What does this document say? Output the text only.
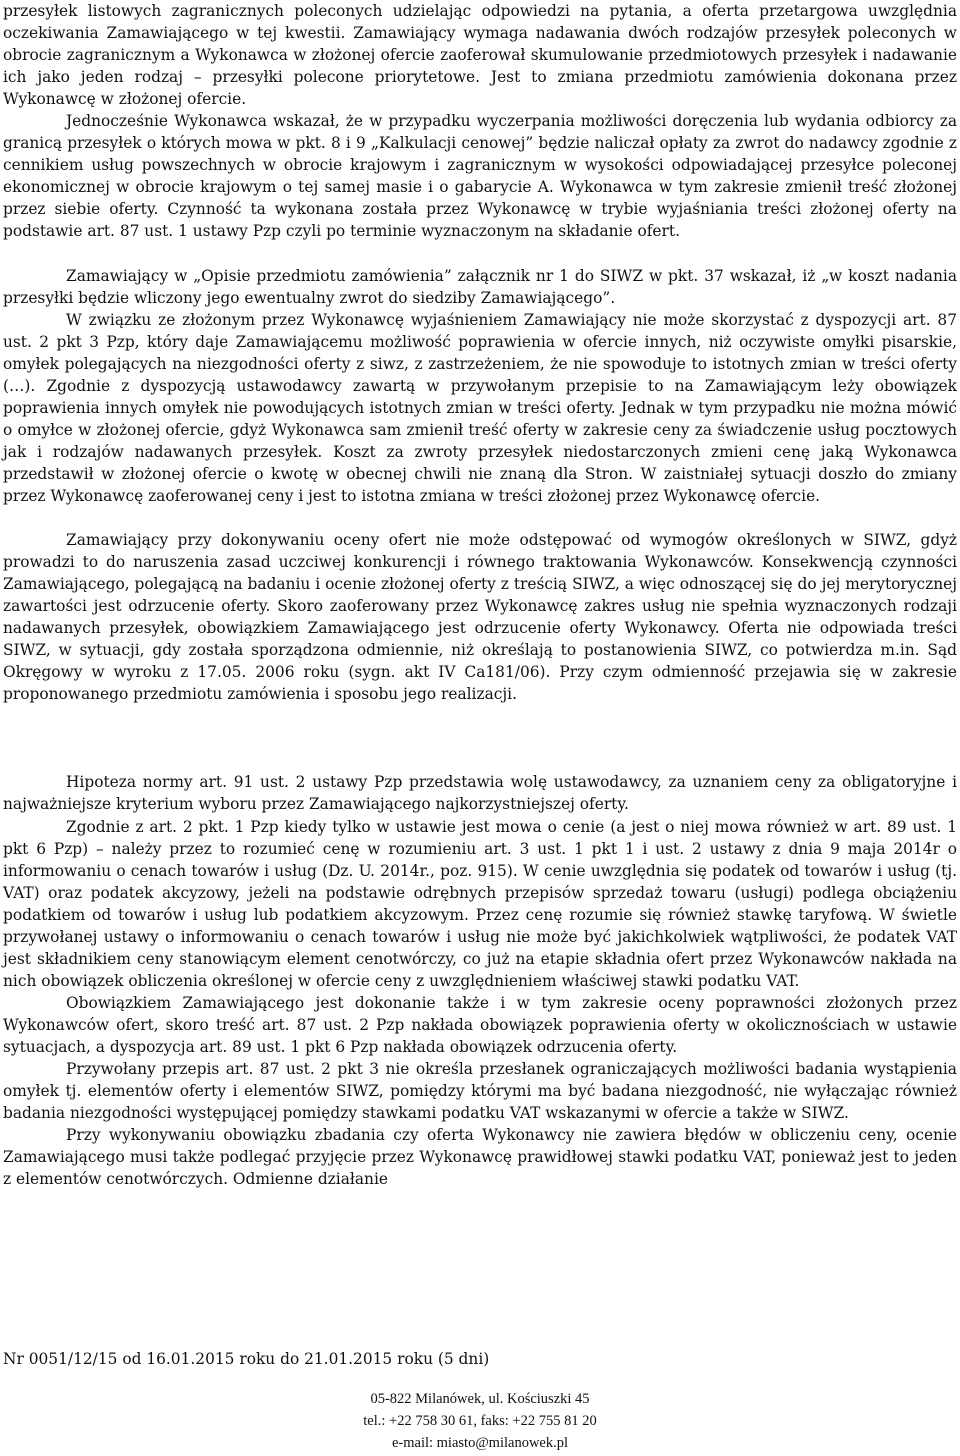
przesyłek listowych zagranicznych poleconych udzielając odpowiedzi na pytania, a oferta przetargowa uwzględnia oczekiwania Zamawiającego w tej kwestii. Zamawiający wymaga nadawania dwóch rodzajów przesyłek poleconych w obrocie zagranicznym a Wykonawca w złożonej ofercie zaoferował skumulowanie przedmiotowych przesyłek i nadawanie ich jako jeden rodzaj – przesyłki polecone priorytetowe. Jest to zmiana przedmiotu zamówienia dokonana przez Wykonawcę w złożonej ofercie.

Jednocześnie Wykonawca wskazał, że w przypadku wyczerpania możliwości doręczenia lub wydania odbiorcy za granicą przesyłek o których mowa w pkt. 8 i 9 „Kalkulacji cenowej” będzie naliczał opłaty za zwrot do nadawcy zgodnie z cennikiem usług powszechnych w obrocie krajowym i zagranicznym w wysokości odpowiadającej przesyłce poleconej ekonomicznej w obrocie krajowym o tej samej masie i o gabarycie A. Wykonawca w tym zakresie zmienił treść złożonej przez siebie oferty. Czynność ta wykonana została przez Wykonawcę w trybie wyjaśniania treści złożonej oferty na podstawie art. 87 ust. 1 ustawy Pzp czyli po terminie wyznaczonym na składanie ofert.

Zamawiający w „Opisie przedmiotu zamówienia” załącznik nr 1 do SIWZ w pkt. 37 wskazał, iż „w koszt nadania przesyłki będzie wliczony jego ewentualny zwrot do siedziby Zamawiającego”.

W związku ze złożonym przez Wykonawcę wyjaśnieniem Zamawiający nie może skorzystać z dyspozycji art. 87 ust. 2 pkt 3 Pzp, który daje Zamawiającemu możliwość poprawienia w ofercie innych, niż oczywiste omyłki pisarskie, omyłek polegających na niezgodności oferty z siwz, z zastrzeżeniem, że nie spowoduje to istotnych zmian w treści oferty (…). Zgodnie z dyspozycją ustawodawcy zawartą w przywołanym przepisie to na Zamawiającym leży obowiązek poprawienia innych omyłek nie powodujących istotnych zmian w treści oferty. Jednak w tym przypadku nie można mówić o omyłce w złożonej ofercie, gdyż Wykonawca sam zmienił treść oferty w zakresie ceny za świadczenie usług pocztowych jak i rodzajów nadawanych przesyłek. Koszt za zwroty przesyłek niedostarczonych zmieni cenę jaką Wykonawca przedstawił w złożonej ofercie o kwotę w obecnej chwili nie znaną dla Stron. W zaistniałej sytuacji doszło do zmiany przez Wykonawcę zaoferowanej ceny i jest to istotna zmiana w treści złożonej przez Wykonawcę ofercie.

Zamawiający przy dokonywaniu oceny ofert nie może odstępować od wymogów określonych w SIWZ, gdyż prowadzi to do naruszenia zasad uczciwej konkurencji i równego traktowania Wykonawców. Konsekwencją czynności Zamawiającego, polegającą na badaniu i ocenie złożonej oferty z treścią SIWZ, a więc odnoszącej się do jej merytorycznej zawartości jest odrzucenie oferty. Skoro zaoferowany przez Wykonawcę zakres usług nie spełnia wyznaczonych rodzaji nadawanych przesyłek, obowiązkiem Zamawiającego jest odrzucenie oferty Wykonawcy. Oferta nie odpowiada treści SIWZ, w sytuacji, gdy została sporządzona odmiennie, niż określają to postanowienia SIWZ, co potwierdza m.in. Sąd Okręgowy w wyroku z 17.05. 2006 roku (sygn. akt IV Ca181/06). Przy czym odmienność przejawia się w zakresie proponowanego przedmiotu zamówienia i sposobu jego realizacji.

Hipoteza normy art. 91 ust. 2 ustawy Pzp przedstawia wolę ustawodawcy, za uznaniem ceny za obligatoryjne i najważniejsze kryterium wyboru przez Zamawiającego najkorzystniejszej oferty.

Zgodnie z art. 2 pkt. 1 Pzp kiedy tylko w ustawie jest mowa o cenie (a jest o niej mowa również w art. 89 ust. 1 pkt 6 Pzp) – należy przez to rozumieć cenę w rozumieniu art. 3 ust. 1 pkt 1 i ust. 2 ustawy z dnia 9 maja 2014r o informowaniu o cenach towarów i usług (Dz. U. 2014r., poz. 915). W cenie uwzględnia się podatek od towarów i usług (tj. VAT) oraz podatek akcyzowy, jeżeli na podstawie odrębnych przepisów sprzedaż towaru (usługi) podlega obciążeniu podatkiem od towarów i usług lub podatkiem akcyzowym. Przez cenę rozumie się również stawkę taryfową. W świetle przywołanej ustawy o informowaniu o cenach towarów i usług nie może być jakichkolwiek wątpliwości, że podatek VAT jest składnikiem ceny stanowiącym element cenotwórczy, co już na etapie składnia ofert przez Wykonawców nakłada na nich obowiązek obliczenia określonej w ofercie ceny z uwzględnieniem właściwej stawki podatku VAT.

Obowiązkiem Zamawiającego jest dokonanie także i w tym zakresie oceny poprawności złożonych przez Wykonawców ofert, skoro treść art. 87 ust. 2 Pzp nakłada obowiązek poprawienia oferty w okolicznościach w ustawie sytuacjach, a dyspozycja art. 89 ust. 1 pkt 6 Pzp nakłada obowiązek odrzucenia oferty.

Przywołany przepis art. 87 ust. 2 pkt 3 nie określa przesłanek ograniczających możliwości badania wystąpienia omyłek tj. elementów oferty i elementów SIWZ, pomiędzy którymi ma być badana niezgodność, nie wyłączając również badania niezgodności występującej pomiędzy stawkami podatku VAT wskazanymi w ofercie a także w SIWZ.

Przy wykonywaniu obowiązku zbadania czy oferta Wykonawcy nie zawiera błędów w obliczeniu ceny, ocenie Zamawiającego musi także podlegać przyjęcie przez Wykonawcę prawidłowej stawki podatku VAT, ponieważ jest to jeden z elementów cenotwórczych. Odmienne działanie

Nr 0051/12/15 od 16.01.2015 roku do 21.01.2015 roku (5 dni)
05-822 Milanówek, ul. Kościuszki 45
tel.: +22 758 30 61, faks: +22 755 81 20
e-mail: miasto@milanowek.pl
